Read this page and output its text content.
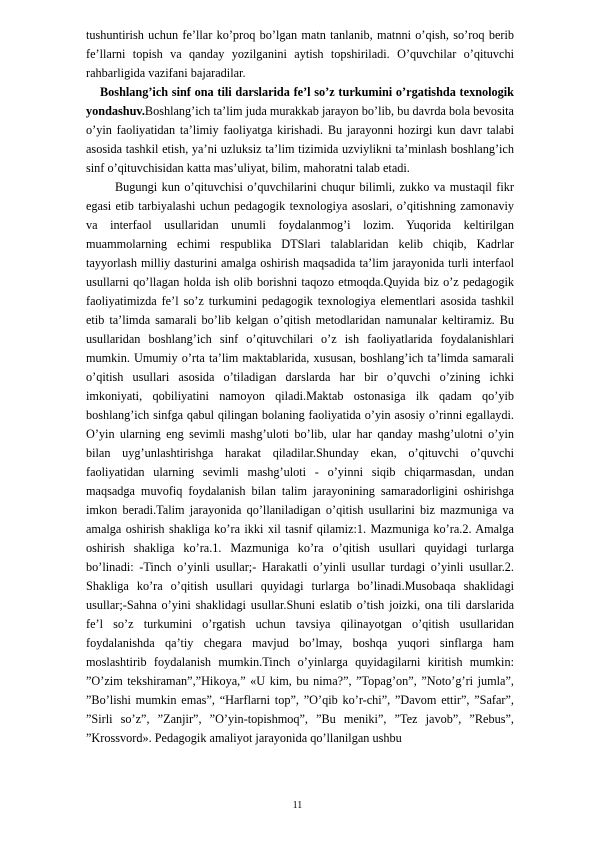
tushuntirish uchun fe’llar ko’proq bo’lgan matn tanlanib, matnni o’qish, so’roq berib fe’llarni topish va qanday yozilganini aytish topshiriladi. O’quvchilar o’qituvchi rahbarligida vazifani bajaradilar.

Boshlang’ich sinf ona tili darslarida fe’l so’z turkumini o’rgatishda texnologik yondashuv.Boshlang’ich ta’lim juda murakkab jarayon bo’lib, bu davrda bola bevosita o’yin faoliyatidan ta’limiy faoliyatga kirishadi. Bu jarayonni hozirgi kun davr talabi asosida tashkil etish, ya’ni uzluksiz ta’lim tizimida uzviylikni ta’minlash boshlang’ich sinf o’qituvchisidan katta mas’uliyat, bilim, mahoratni talab etadi.

Bugungi kun o’qituvchisi o’quvchilarini chuqur bilimli, zukko va mustaqil fikr egasi etib tarbiyalashi uchun pedagogik texnologiya asoslari, o’qitishning zamonaviy va interfaol usullaridan unumli foydalanmog’i lozim. Yuqorida keltirilgan muammolarning echimi respublika DTSlari talablaridan kelib chiqib, Kadrlar tayyorlash milliy dasturini amalga oshirish maqsadida ta’lim jarayonida turli interfaol usullarni qo’llagan holda ish olib borishni taqozo etmoqda.Quyida biz o’z pedagogik faoliyatimizda fe’l so’z turkumini pedagogik texnologiya elementlari asosida tashkil etib ta’limda samarali bo’lib kelgan o’qitish metodlaridan namunalar keltiramiz. Bu usullaridan boshlang’ich sinf o’qituvchilari o’z ish faoliyatlarida foydalanishlari mumkin. Umumiy o’rta ta’lim maktablarida, xususan, boshlang’ich ta’limda samarali o’qitish usullari asosida o’tiladigan darslarda har bir o’quvchi o’zining ichki imkoniyati, qobiliyatini namoyon qiladi.Maktab ostonasiga ilk qadam qo’yib boshlang’ich sinfga qabul qilingan bolaning faoliyatida o’yin asosiy o’rinni egallaydi. O’yin ularning eng sevimli mashg’uloti bo’lib, ular har qanday mashg’ulotni o’yin bilan uyg’unlashtirishga harakat qiladilar.Shunday ekan, o’qituvchi o’quvchi faoliyatidan ularning sevimli mashg’uloti - o’yinni siqib chiqarmasdan, undan maqsadga muvofiq foydalanish bilan talim jarayonining samaradorligini oshirishga imkon beradi.Talim jarayonida qo’llaniladigan o’qitish usullarini biz mazmuniga va amalga oshirish shakliga ko’ra ikki xil tasnif qilamiz:1. Mazmuniga ko’ra.2. Amalga oshirish shakliga ko’ra.1. Mazmuniga ko’ra o’qitish usullari quyidagi turlarga bo’linadi: -Tinch o’yinli usullar;- Harakatli o’yinli usullar turdagi o’yinli usullar.2. Shakliga ko’ra o’qitish usullari quyidagi turlarga bo’linadi.Musobaqa shaklidagi usullar;-Sahna o’yini shaklidagi usullar.Shuni eslatib o’tish joizki, ona tili darslarida fe’l so’z turkumini o’rgatish uchun tavsiya qilinayotgan o’qitish usullaridan foydalanishda qa’tiy chegara mavjud bo’lmay, boshqa yuqori sinflarga ham moslashtirib foydalanish mumkin.Tinch o’yinlarga quyidagilarni kiritish mumkin: ”O’zim tekshiraman”,”Hikoya,” «U kim, bu nima?”, ”Topag’on”, ”Noto’g’ri jumla”, ”Bo’lishi mumkin emas”, “Harflarni top”, ”O’qib ko’r-chi”, ”Davom ettir”, ”Safar”, ”Sirli so’z”, ”Zanjir”, ”O’yin-topishmoq”, ”Bu meniki”, ”Tez javob”, ”Rebus”, ”Krossvord». Pedagogik amaliyot jarayonida qo’llanilgan ushbu

11
